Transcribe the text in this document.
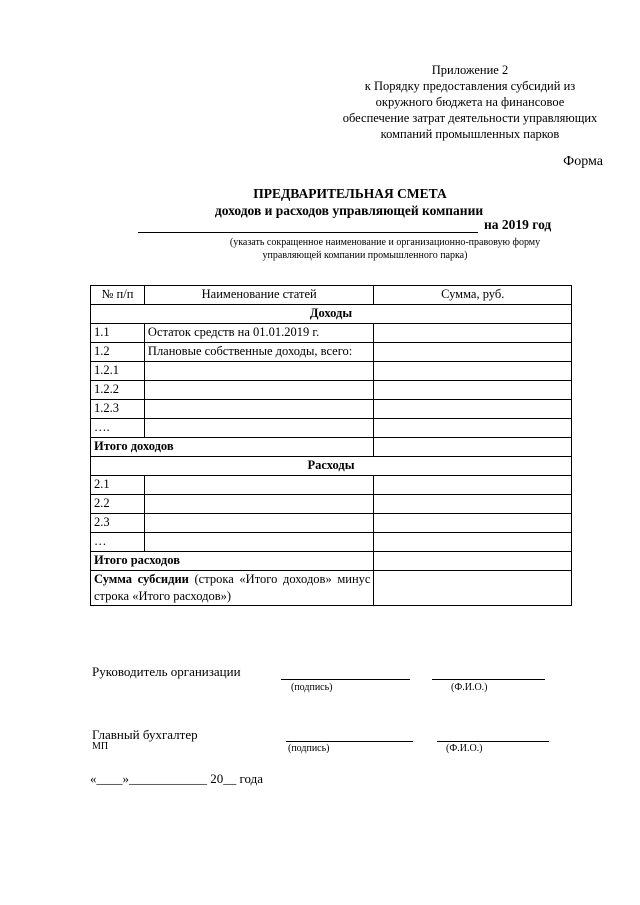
Приложение 2
к Порядку предоставления субсидий из
окружного бюджета на финансовое
обеспечение затрат деятельности управляющих
компаний промышленных парков
Форма
ПРЕДВАРИТЕЛЬНАЯ СМЕТА
доходов и расходов управляющей компании
на 2019 год
(указать сокращенное наименование и организационно-правовую форму
управляющей компании промышленного парка)
№ п/п	Наименование статей	Сумма, руб.
Доходы		
1.1	Остаток средств на 01.01.2019 г.	
1.2	Плановые собственные доходы, всего:	
1.2.1		
1.2.2		
1.2.3		
….		
Итого доходов		
Расходы		
2.1		
2.2		
2.3		
…		
Итого расходов		
Сумма субсидии (строка «Итого доходов» минус строка «Итого расходов»)		
Руководитель организации
(подпись)	(Ф.И.О.)
Главный бухгалтер
МП	(подпись)	(Ф.И.О.)
«____»____________ 20__ года
